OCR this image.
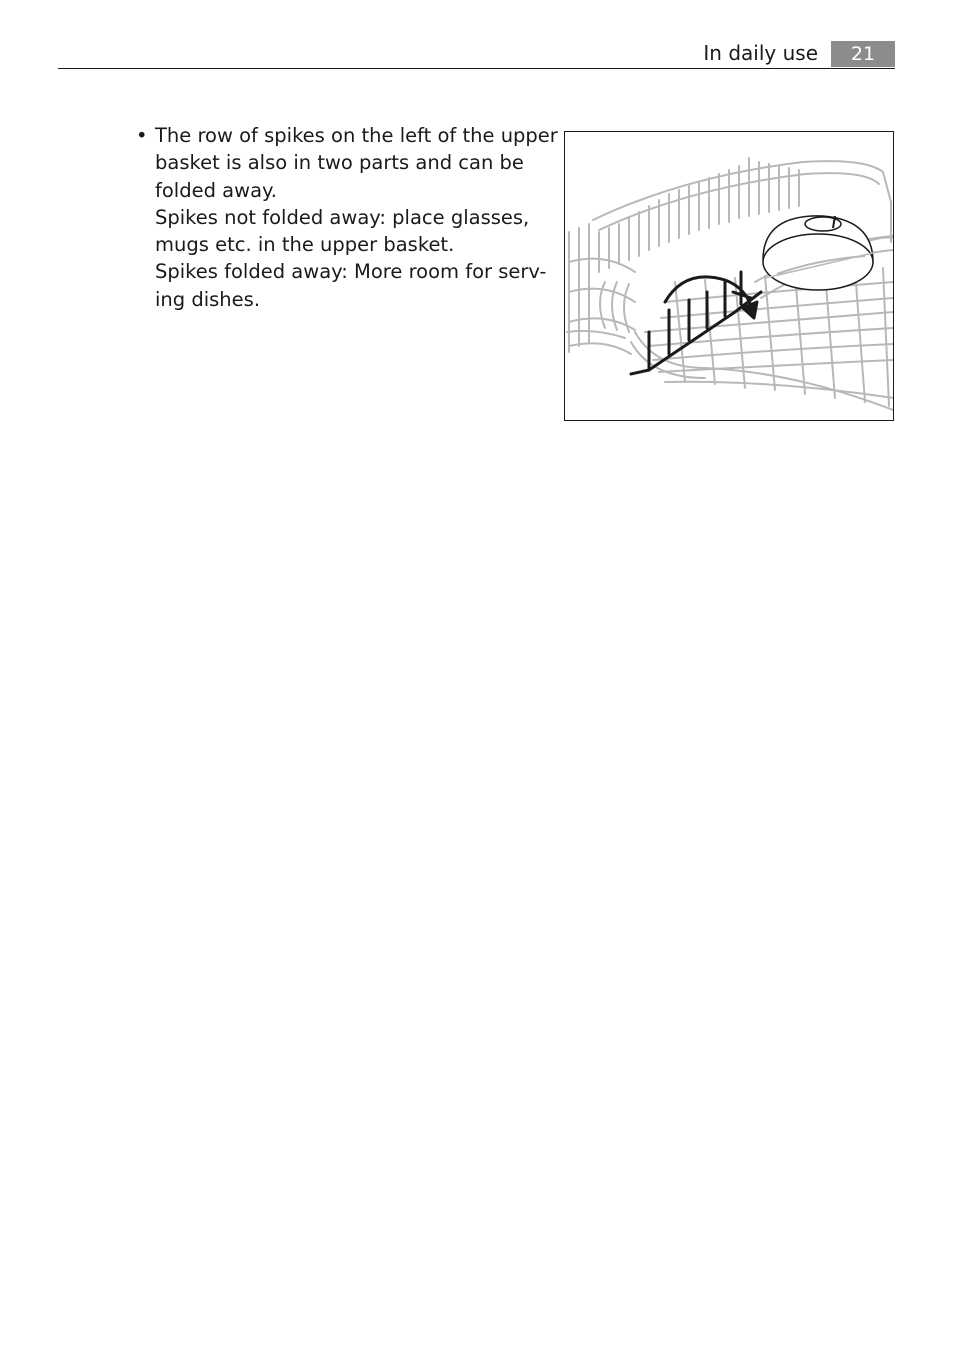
In daily use	21
• The row of spikes on the left of the upper
basket is also in two parts and can be
folded away.
Spikes not folded away: place glasses,
mugs etc. in the upper basket.
Spikes folded away: More room for serv-
ing dishes.
